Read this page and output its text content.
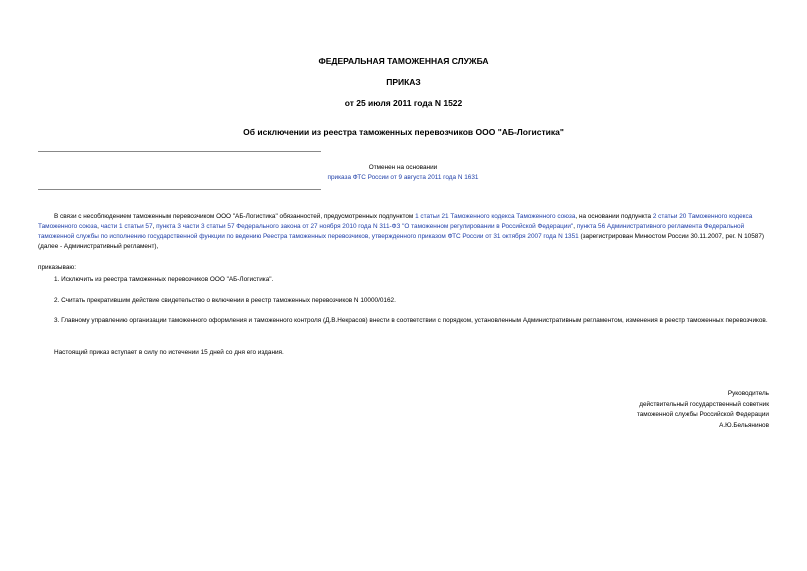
ФЕДЕРАЛЬНАЯ ТАМОЖЕННАЯ СЛУЖБА
ПРИКАЗ
от 25 июля 2011 года N 1522
Об исключении из реестра таможенных перевозчиков ООО "АБ-Логистика"
Отменен на основании
приказа ФТС России от 9 августа 2011 года N 1631
В связи с несоблюдением таможенным перевозчиком ООО "АБ-Логистика" обязанностей, предусмотренных подпунктом 1 статьи 21 Таможенного кодекса Таможенного союза, на основании подпункта 2 статьи 20 Таможенного кодекса Таможенного союза, части 1 статьи 57, пункта 3 части 3 статьи 57 Федерального закона от 27 ноября 2010 года N 311-ФЗ "О таможенном регулировании в Российской Федерации", пункта 56 Административного регламента Федеральной таможенной службы по исполнению государственной функции по ведению Реестра таможенных перевозчиков, утвержденного приказом ФТС России от 31 октября 2007 года N 1351 (зарегистрирован Минюстом России 30.11.2007, рег. N 10587) (далее - Административный регламент),
приказываю:
1. Исключить из реестра таможенных перевозчиков ООО "АБ-Логистика".
2. Считать прекратившим действие свидетельство о включении в реестр таможенных перевозчиков N 10000/0162.
3. Главному управлению организации таможенного оформления и таможенного контроля (Д.В.Некрасов) внести в соответствии с порядком, установленным Административным регламентом, изменения в реестр таможенных перевозчиков.
Настоящий приказ вступает в силу по истечении 15 дней со дня его издания.
Руководитель
действительный государственный советник
таможенной службы Российской Федерации
А.Ю.Бельянинов
